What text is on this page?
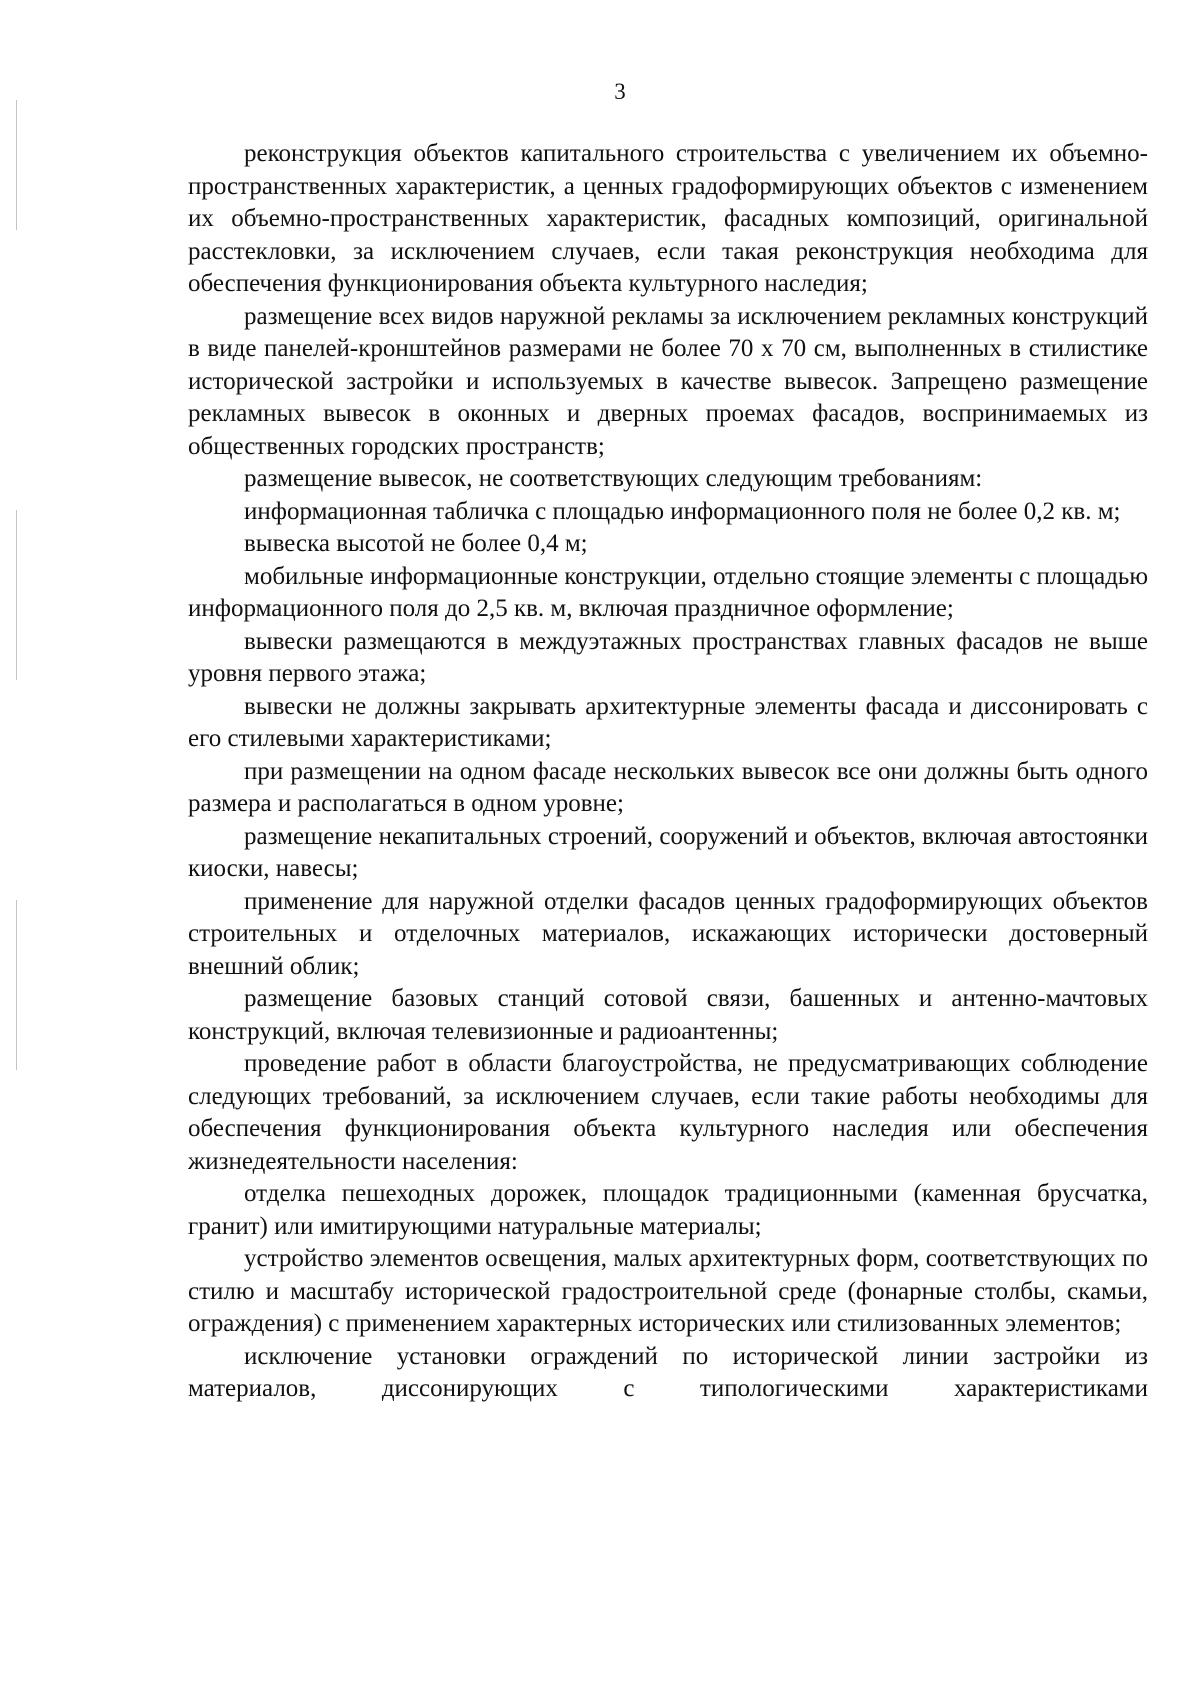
3

реконструкция объектов капитального строительства с увеличением их объемно-пространственных характеристик, а ценных градоформирующих объектов с изменением их объемно-пространственных характеристик, фасадных композиций, оригинальной расстекловки, за исключением случаев, если такая реконструкция необходима для обеспечения функционирования объекта культурного наследия;

размещение всех видов наружной рекламы за исключением рекламных конструкций в виде панелей-кронштейнов размерами не более 70 х 70 см, выполненных в стилистике исторической застройки и используемых в качестве вывесок. Запрещено размещение рекламных вывесок в оконных и дверных проемах фасадов, воспринимаемых из общественных городских пространств;

размещение вывесок, не соответствующих следующим требованиям:

информационная табличка с площадью информационного поля не более 0,2 кв. м;

вывеска высотой не более 0,4 м;

мобильные информационные конструкции, отдельно стоящие элементы с площадью информационного поля до 2,5 кв. м, включая праздничное оформление;

вывески размещаются в междуэтажных пространствах главных фасадов не выше уровня первого этажа;

вывески не должны закрывать архитектурные элементы фасада и диссонировать с его стилевыми характеристиками;

при размещении на одном фасаде нескольких вывесок все они должны быть одного размера и располагаться в одном уровне;

размещение некапитальных строений, сооружений и объектов, включая автостоянки киоски, навесы;

применение для наружной отделки фасадов ценных градоформирующих объектов строительных и отделочных материалов, искажающих исторически достоверный внешний облик;

размещение базовых станций сотовой связи, башенных и антенно-мачтовых конструкций, включая телевизионные и радиоантенны;

проведение работ в области благоустройства, не предусматривающих соблюдение следующих требований, за исключением случаев, если такие работы необходимы для обеспечения функционирования объекта культурного наследия или обеспечения жизнедеятельности населения:

отделка пешеходных дорожек, площадок традиционными (каменная брусчатка, гранит) или имитирующими натуральные материалы;

устройство элементов освещения, малых архитектурных форм, соответствующих по стилю и масштабу исторической градостроительной среде (фонарные столбы, скамьи, ограждения) с применением характерных исторических или стилизованных элементов;

исключение установки ограждений по исторической линии застройки из материалов, диссонирующих с типологическими характеристиками
